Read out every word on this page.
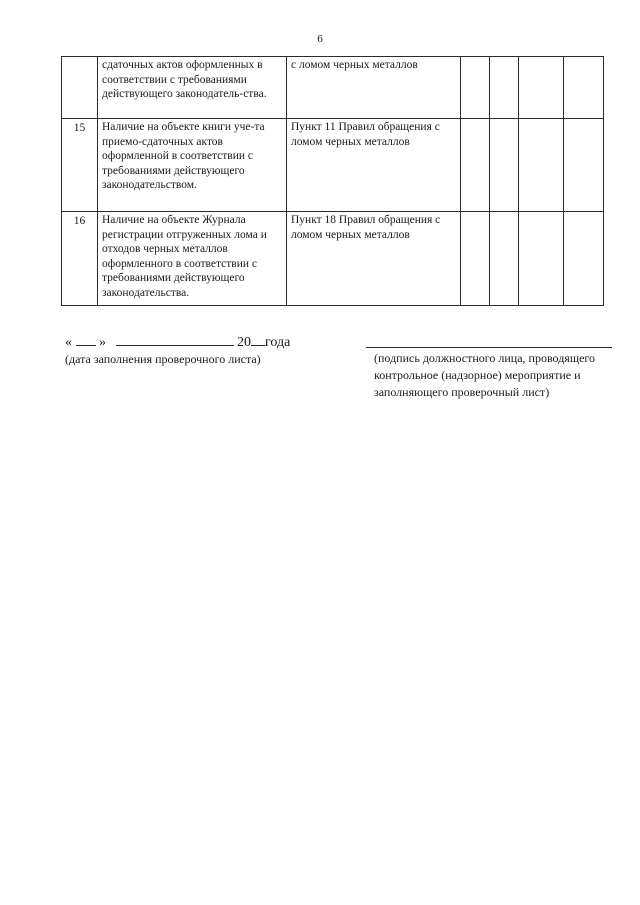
6
	сдаточных актов оформленных в соответствии с требованиями действующего законодатель-ства.	с ломом черных металлов				
15	Наличие на объекте книги уче-та приемо-сдаточных актов оформленной в соответствии с требованиями действующего законодательством.	Пункт 11 Правил обращения с ломом черных металлов				
16	Наличие на объекте Журнала регистрации отгруженных лома и отходов черных металлов оформленного в соответствии с требованиями действующего законодательства.	Пункт 18 Правил обращения с ломом черных металлов				
« »	20 года
(дата заполнения проверочного листа)	(подпись должностного лица, проводящего контрольное (надзорное) мероприятие и заполняющего проверочный лист)
